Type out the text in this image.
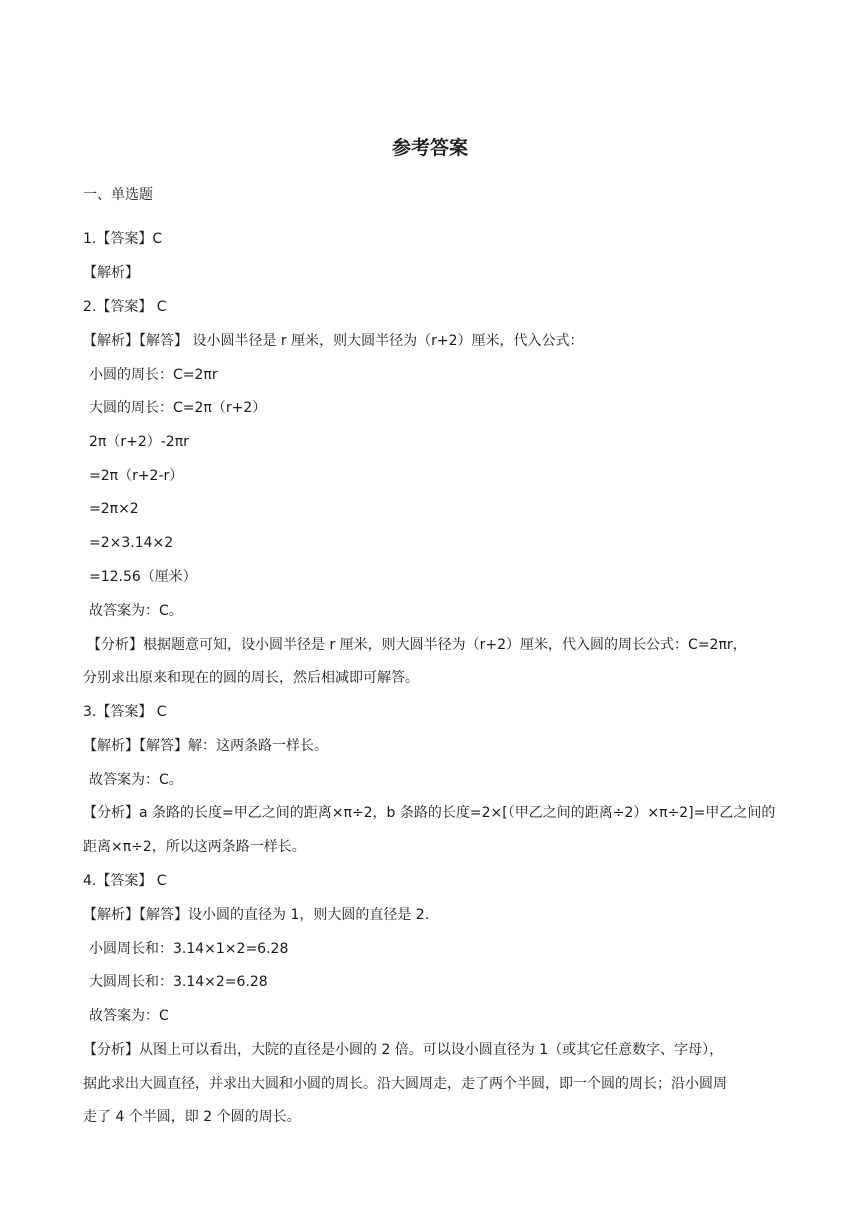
参考答案
一、单选题
1.【答案】C
【解析】
2.【答案】 C
【解析】【解答】 设小圆半径是 r 厘米，则大圆半径为（r+2）厘米，代入公式：
小圆的周长：C=2πr
大圆的周长：C=2π（r+2）
2π（r+2）-2πr
=2π（r+2-r）
=2π×2
=2×3.14×2
=12.56（厘米）
故答案为：C。
【分析】根据题意可知，设小圆半径是 r 厘米，则大圆半径为（r+2）厘米，代入圆的周长公式：C=2πr，
分别求出原来和现在的圆的周长，然后相减即可解答。
3.【答案】 C
【解析】【解答】解：这两条路一样长。
故答案为：C。
【分析】a 条路的长度=甲乙之间的距离×π÷2，b 条路的长度=2×[（甲乙之间的距离÷2）×π÷2]=甲乙之间的
距离×π÷2，所以这两条路一样长。
4.【答案】 C
【解析】【解答】设小圆的直径为 1，则大圆的直径是 2.
小圆周长和：3.14×1×2=6.28
大圆周长和：3.14×2=6.28
故答案为：C
【分析】从图上可以看出，大院的直径是小圆的 2 倍。可以设小圆直径为 1（或其它任意数字、字母），
据此求出大圆直径，并求出大圆和小圆的周长。沿大圆周走，走了两个半圆，即一个圆的周长；沿小圆周
走了 4 个半圆，即 2 个圆的周长。
